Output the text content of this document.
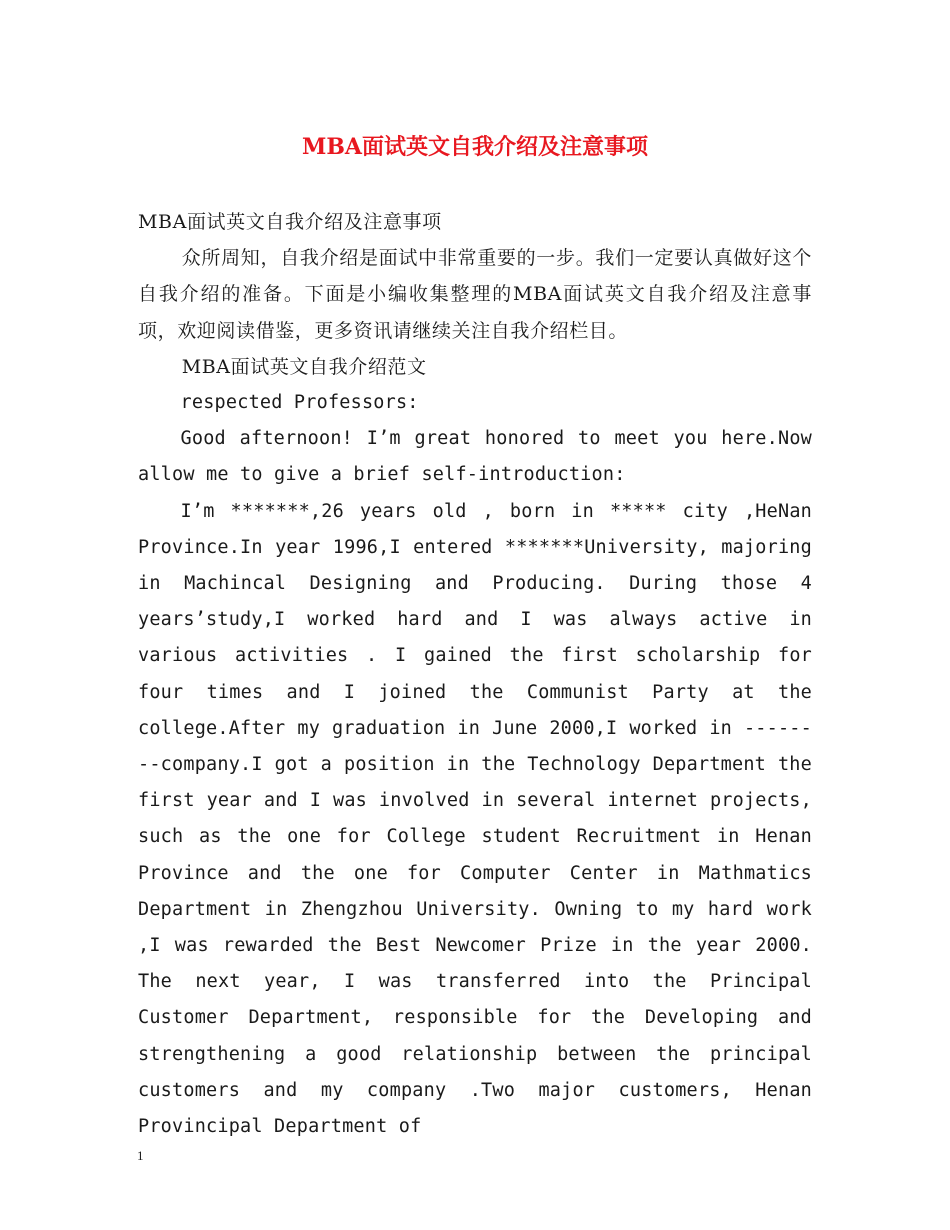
MBA面试英文自我介绍及注意事项

MBA面试英文自我介绍及注意事项

众所周知，自我介绍是面试中非常重要的一步。我们一定要认真做好这个自我介绍的准备。下面是小编收集整理的MBA面试英文自我介绍及注意事项，欢迎阅读借鉴，更多资讯请继续关注自我介绍栏目。

MBA面试英文自我介绍范文

respected Professors:

Good afternoon! I’m great honored to meet you here.Now allow me to give a brief self-introduction:

I’m *******,26 years old , born in ***** city ,HeNan Province.In year 1996,I entered *******University, majoring in Machincal Designing and Producing. During those 4 years’study,I worked hard and I was always active in various activities . I gained the first scholarship for four times and I joined the Communist Party at the college.After my graduation in June 2000,I worked in --------company.I got a position in the Technology Department the first year and I was involved in several internet projects, such as the one for College student Recruitment in Henan Province and the one for Computer Center in Mathmatics Department in Zhengzhou University. Owning to my hard work ,I was rewarded the Best Newcomer Prize in the year 2000. The next year, I was transferred into the Principal Customer Department, responsible for the Developing and strengthening a good relationship between the principal customers and my company .Two major customers, Henan Provincipal Department of

1
